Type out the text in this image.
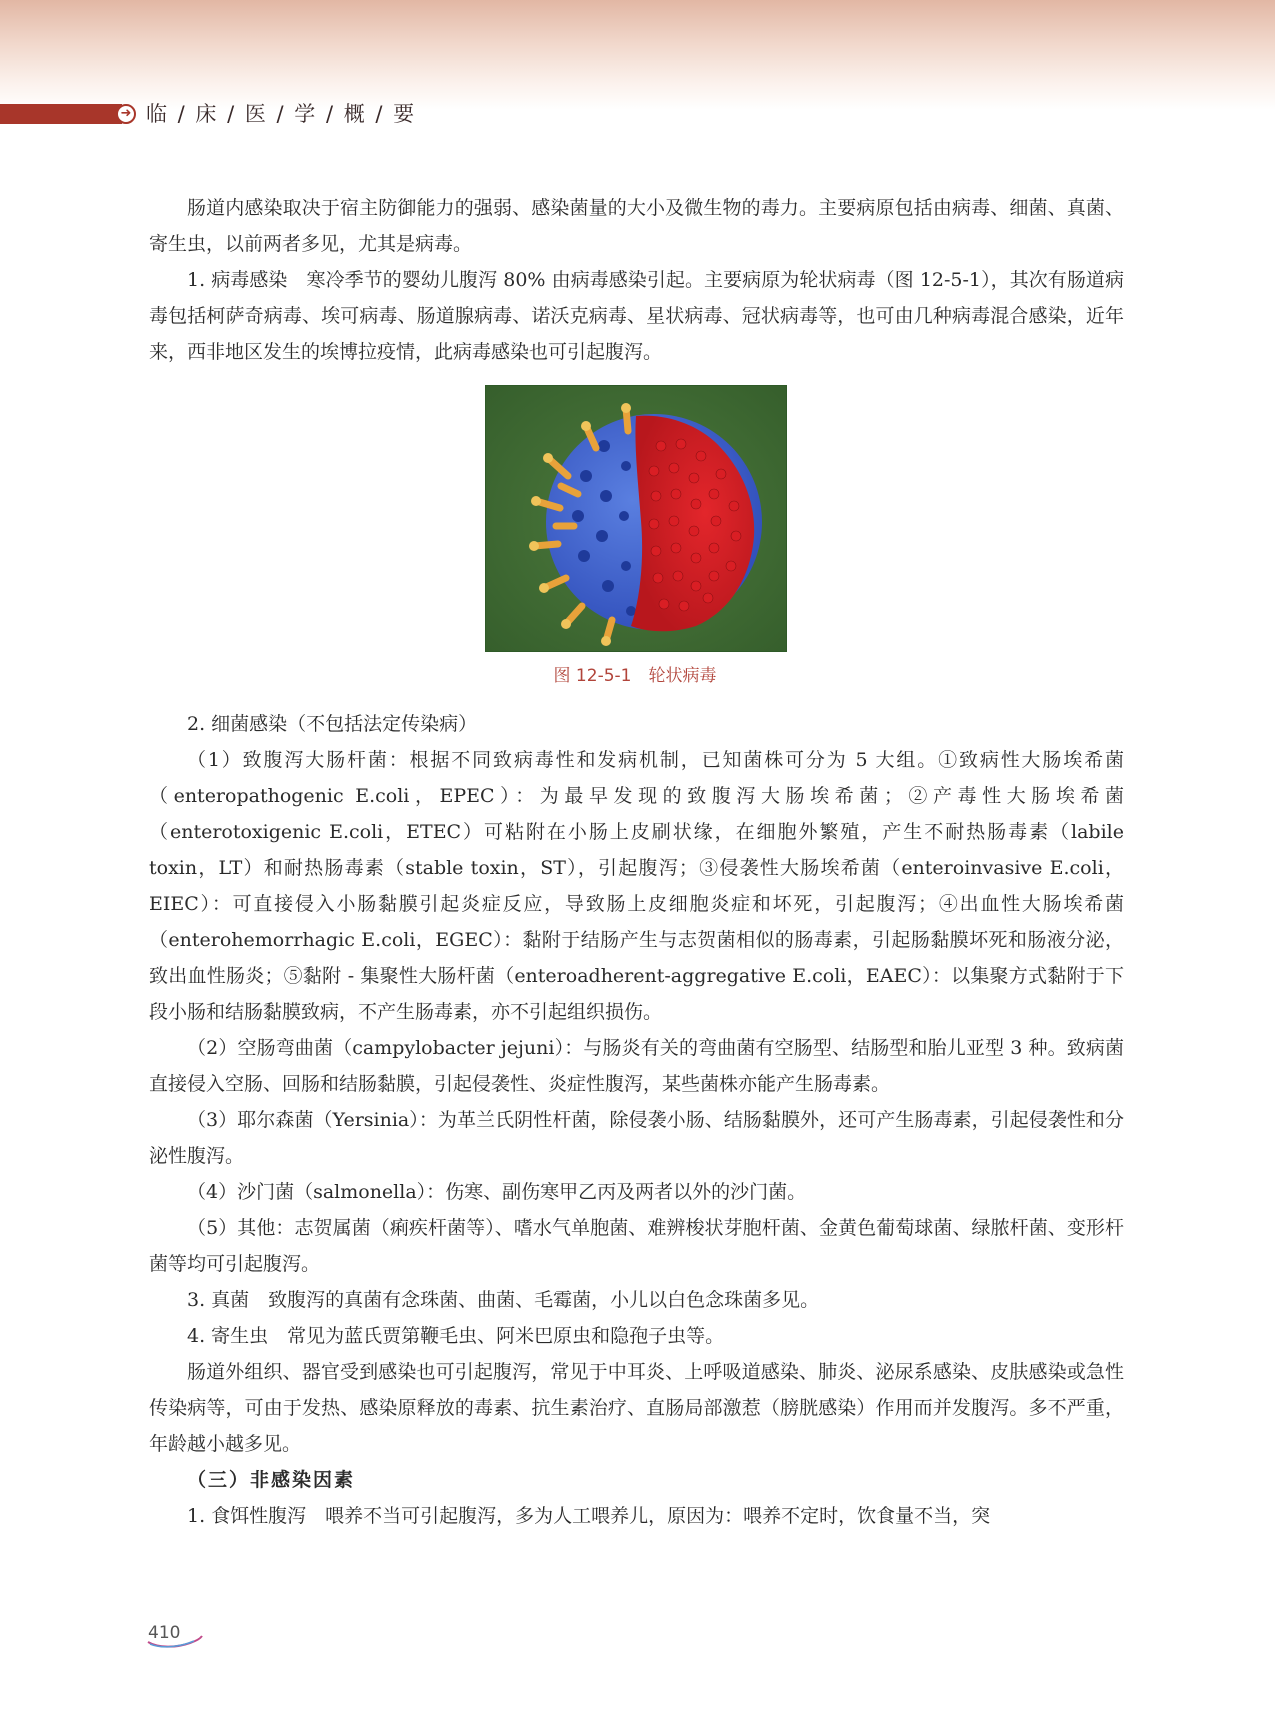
➜ 临 / 床 / 医 / 学 / 概 / 要

肠道内感染取决于宿主防御能力的强弱、感染菌量的大小及微生物的毒力。主要病原包括由病毒、细菌、真菌、寄生虫，以前两者多见，尤其是病毒。

1. 病毒感染　寒冷季节的婴幼儿腹泻 80% 由病毒感染引起。主要病原为轮状病毒（图 12-5-1），其次有肠道病毒包括柯萨奇病毒、埃可病毒、肠道腺病毒、诺沃克病毒、星状病毒、冠状病毒等，也可由几种病毒混合感染，近年来，西非地区发生的埃博拉疫情，此病毒感染也可引起腹泻。

图 12-5-1　轮状病毒

2. 细菌感染（不包括法定传染病）

（1）致腹泻大肠杆菌：根据不同致病毒性和发病机制，已知菌株可分为 5 大组。①致病性大肠埃希菌（enteropathogenic E.coli，EPEC）：为最早发现的致腹泻大肠埃希菌；②产毒性大肠埃希菌（enterotoxigenic E.coli，ETEC）可粘附在小肠上皮刷状缘，在细胞外繁殖，产生不耐热肠毒素（labile toxin，LT）和耐热肠毒素（stable toxin，ST），引起腹泻；③侵袭性大肠埃希菌（enteroinvasive E.coli，EIEC）：可直接侵入小肠黏膜引起炎症反应，导致肠上皮细胞炎症和坏死，引起腹泻；④出血性大肠埃希菌（enterohemorrhagic E.coli，EGEC）：黏附于结肠产生与志贺菌相似的肠毒素，引起肠黏膜坏死和肠液分泌，致出血性肠炎；⑤黏附 - 集聚性大肠杆菌（enteroadherent-aggregative E.coli，EAEC）：以集聚方式黏附于下段小肠和结肠黏膜致病，不产生肠毒素，亦不引起组织损伤。

（2）空肠弯曲菌（campylobacter jejuni）：与肠炎有关的弯曲菌有空肠型、结肠型和胎儿亚型 3 种。致病菌直接侵入空肠、回肠和结肠黏膜，引起侵袭性、炎症性腹泻，某些菌株亦能产生肠毒素。

（3）耶尔森菌（Yersinia）：为革兰氏阴性杆菌，除侵袭小肠、结肠黏膜外，还可产生肠毒素，引起侵袭性和分泌性腹泻。

（4）沙门菌（salmonella）：伤寒、副伤寒甲乙丙及两者以外的沙门菌。

（5）其他：志贺属菌（痢疾杆菌等）、嗜水气单胞菌、难辨梭状芽胞杆菌、金黄色葡萄球菌、绿脓杆菌、变形杆菌等均可引起腹泻。

3. 真菌　致腹泻的真菌有念珠菌、曲菌、毛霉菌，小儿以白色念珠菌多见。

4. 寄生虫　常见为蓝氏贾第鞭毛虫、阿米巴原虫和隐孢子虫等。

肠道外组织、器官受到感染也可引起腹泻，常见于中耳炎、上呼吸道感染、肺炎、泌尿系感染、皮肤感染或急性传染病等，可由于发热、感染原释放的毒素、抗生素治疗、直肠局部激惹（膀胱感染）作用而并发腹泻。多不严重，年龄越小越多见。

（三）非感染因素

1. 食饵性腹泻　喂养不当可引起腹泻，多为人工喂养儿，原因为：喂养不定时，饮食量不当，突

410
